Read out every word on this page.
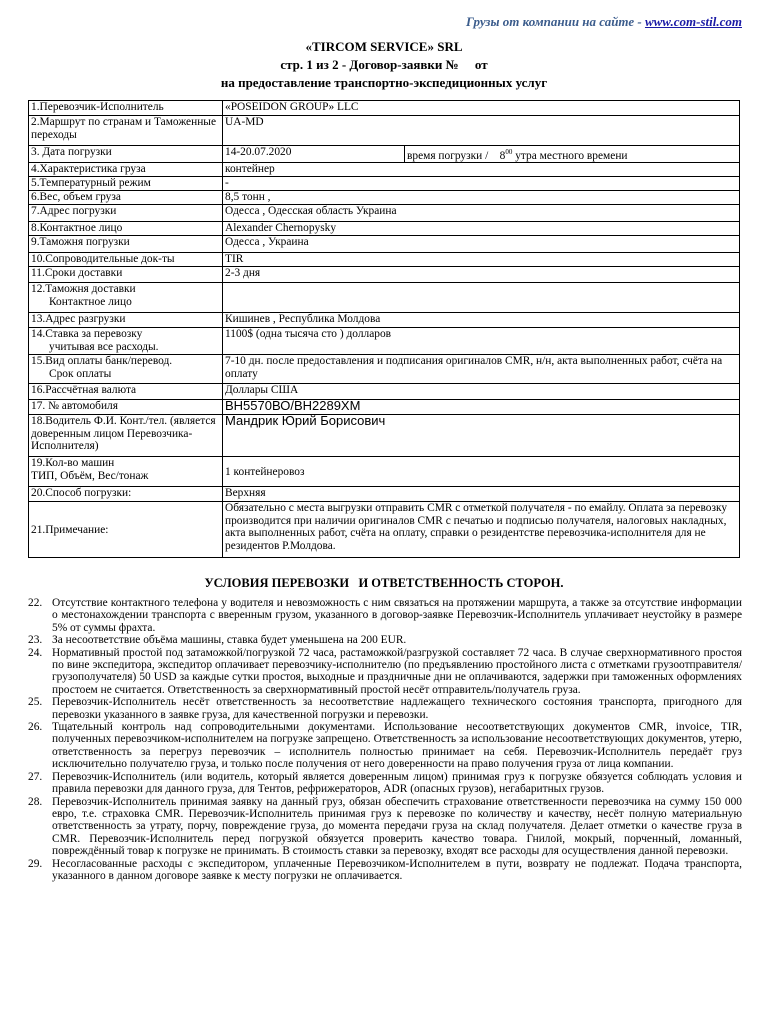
Грузы от компании на сайте - www.com-stil.com
«TIRCOM SERVICE» SRL
стр. 1 из 2 - Договор-заявки №     от
на предоставление транспортно-экспедиционных услуг
1.Перевозчик-Исполнитель	«POSEIDON GROUP» LLC	
2.Маршрут по странам и Таможенные переходы	UA-MD	
3. Дата погрузки	14-20.07.2020	время погрузки /    $8^{00}$ утра местного времени
4.Характеристика груза	контейнер	
5.Температурный режим	-	
6.Вес, объем груза	8,5 тонн ,	
7.Адрес погрузки	Одесса , Одесская область Украина	
8.Контактное лицо	Alexander Chernopysky	
9.Таможня погрузки	Одесса , Украина	
10.Сопроводительные док-ты	TIR	
11.Сроки доставки	2-3 дня	

12.Таможня доставки
Контактное лицо		
13.Адрес разгрузки	Кишинев , Республика Молдова	

14.Ставка за перевозку
учитывая все расходы.	1100$ (одна тысяча сто ) долларов	

15.Вид оплаты банк/перевод.
Срок оплаты	7-10 дн. после предоставления и подписания оригиналов CMR, н/н, акта выполненных работ, счёта на оплату	
16.Рассчётная валюта	Доллары США	
17. № автомобиля	ВН5570ВО/ВН2289ХМ	
18.Водитель Ф.И. Конт./тел. (является доверенным лицом Перевозчика-Исполнителя)	Мандрик Юрий Борисович	

19.Кол-во машин
ТИП, Объём, Вес/тонаж	1 контейнеровоз	
20.Способ погрузки:	Верхняя	
21.Примечание:	Обязательно с места выгрузки отправить CMR с отметкой получателя - по емайлу. Оплата за перевозку производится при наличии оригиналов CMR с печатью и подписью получателя, налоговых накладных, акта выполненных работ, счёта на оплату, справки о резидентстве перевозчика-исполнителя для не резидентов Р.Молдова.	
УСЛОВИЯ ПЕРЕВОЗКИ   И ОТВЕТСТВЕННОСТЬ СТОРОН.
22. Отсутствие контактного телефона у водителя и невозможность с ним связаться на протяжении маршрута, а также за отсутствие информации о местонахождении транспорта с вверенным грузом, указанного в договор-заявке Перевозчик-Исполнитель уплачивает неустойку в размере 5% от суммы фрахта.
23. За несоответствие объёма машины, ставка будет уменьшена на 200 EUR.
24. Нормативный простой под затаможкой/погрузкой 72 часа, растаможкой/разгрузкой составляет 72 часа. В случае сверхнормативного простоя по вине экспедитора, экспедитор оплачивает перевозчику-исполнителю (по предъявлению простойного листа с отметками грузоотправителя/грузополучателя) 50 USD за каждые сутки простоя, выходные и праздничные дни не оплачиваются, задержки при таможенных оформлениях простоем не считается. Ответственность за сверхнормативный простой несёт отправитель/получатель груза.
25. Перевозчик-Исполнитель несёт ответственность за несоответствие надлежащего технического состояния транспорта, пригодного для перевозки указанного в заявке груза, для качественной погрузки и перевозки.
26. Тщательный контроль над сопроводительными документами. Использование несоответствующих документов CMR, invoice, TIR, полученных перевозчиком-исполнителем на погрузке запрещено. Ответственность за использование несоответствующих документов, утерю, ответственность за перегруз перевозчик – исполнитель полностью принимает на себя. Перевозчик-Исполнитель передаёт груз исключительно получателю груза, и только после получения от него доверенности на право получения груза от лица компании.
27. Перевозчик-Исполнитель (или водитель, который является доверенным лицом) принимая груз к погрузке обязуется соблюдать условия и правила перевозки для данного груза, для Тентов, рефрижераторов, ADR (опасных грузов), негабаритных грузов.
28. Перевозчик-Исполнитель принимая заявку на данный груз, обязан обеспечить страхование ответственности перевозчика на сумму 150 000 евро, т.е. страховка CMR. Перевозчик-Исполнитель принимая груз к перевозке по количеству и качеству, несёт полную материальную ответственность за утрату, порчу, повреждение груза, до момента передачи груза на склад получателя. Делает отметки о качестве груза в CMR. Перевозчик-Исполнитель перед погрузкой обязуется проверить качество товара. Гнилой, мокрый, порченный, ломанный, повреждённый товар к погрузке не принимать. В стоимость ставки за перевозку, входят все расходы для осуществления данной перевозки.
29. Несогласованные расходы с экспедитором, уплаченные Перевозчиком-Исполнителем в пути, возврату не подлежат. Подача транспорта, указанного в данном договоре заявке к месту погрузки не оплачивается.
